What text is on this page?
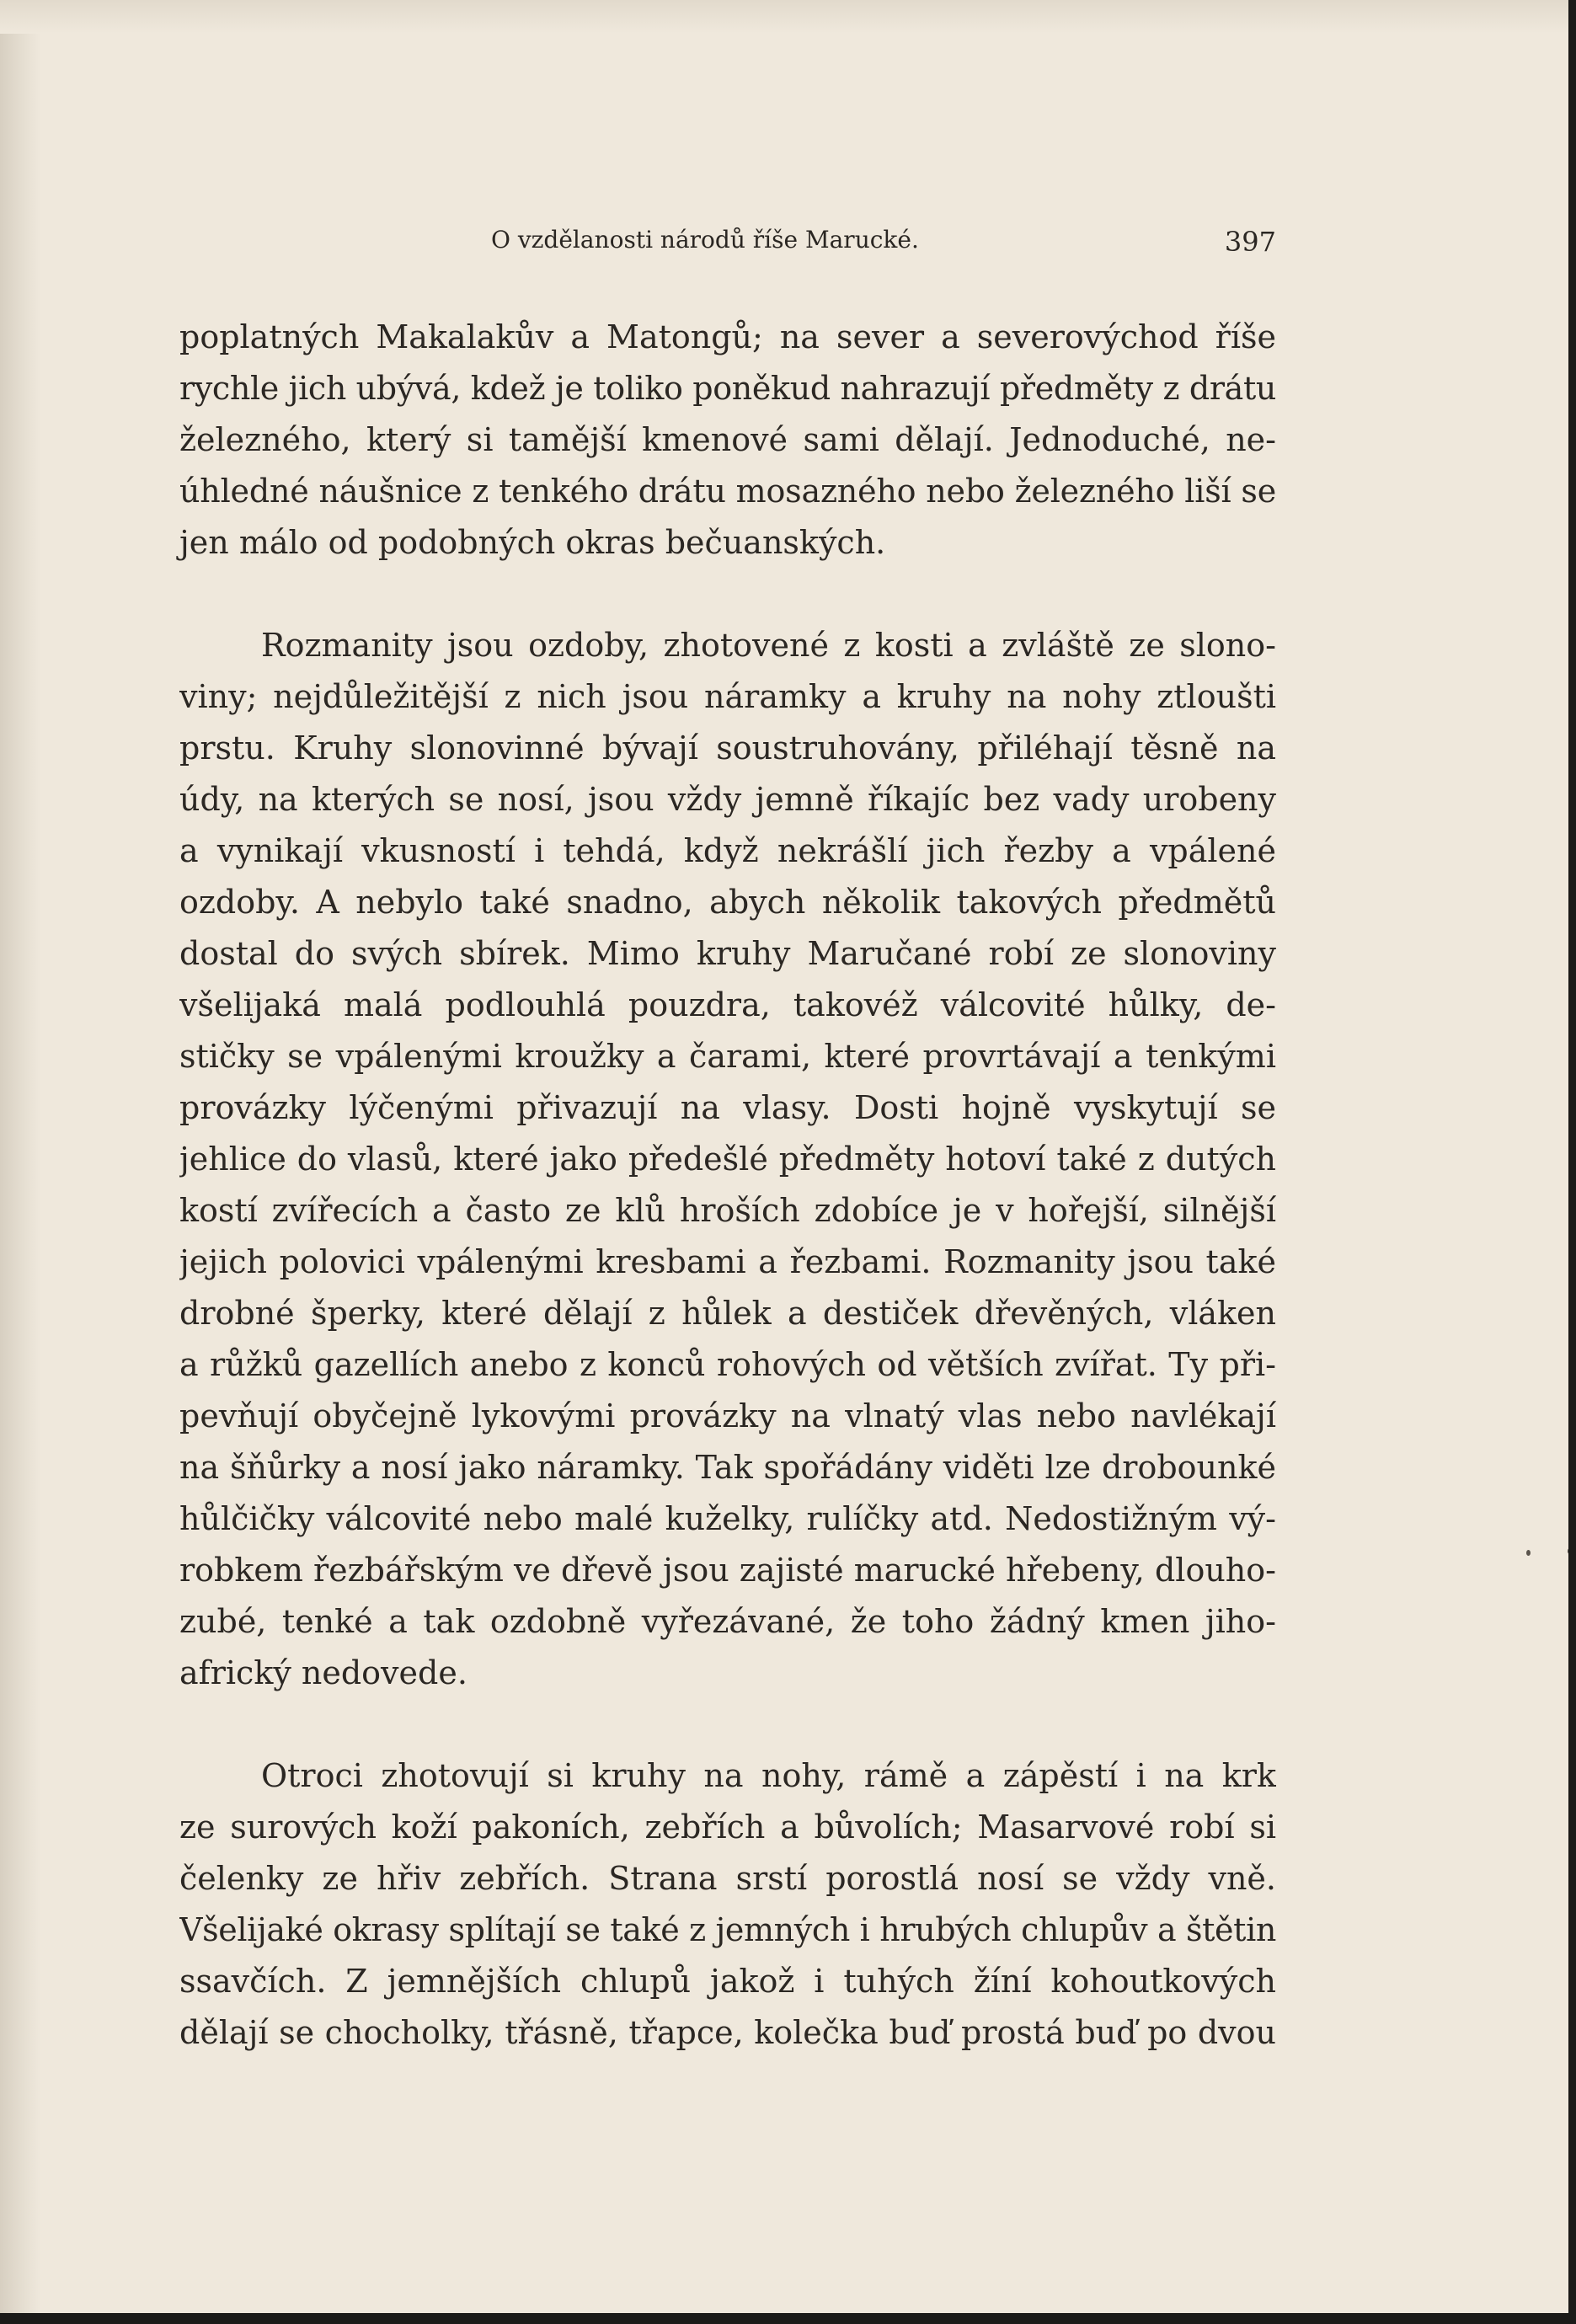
O vzdělanosti národů říše Marucké.	397
poplatných Makalakův a Matongů; na sever a severovýchod říše
rychle jich ubývá, kdež je toliko poněkud nahrazují předměty z drátu
železného, který si tamější kmenové sami dělají. Jednoduché, ne-
úhledné náušnice z tenkého drátu mosazného nebo železného liší se
jen málo od podobných okras bečuanských.
Rozmanity jsou ozdoby, zhotovené z kosti a zvláště ze slono-
viny; nejdůležitější z nich jsou náramky a kruhy na nohy ztloušti
prstu. Kruhy slonovinné bývají soustruhovány, přiléhají těsně na
údy, na kterých se nosí, jsou vždy jemně říkajíc bez vady urobeny
a vynikají vkusností i tehdá, když nekrášlí jich řezby a vpálené
ozdoby. A nebylo také snadno, abych několik takových předmětů
dostal do svých sbírek. Mimo kruhy Maručané robí ze slonoviny
všelijaká malá podlouhlá pouzdra, takovéž válcovité hůlky, de-
stičky se vpálenými kroužky a čarami, které provrtávají a tenkými
provázky lýčenými přivazují na vlasy. Dosti hojně vyskytují se
jehlice do vlasů, které jako předešlé předměty hotoví také z dutých
kostí zvířecích a často ze klů hroších zdobíce je v hořejší, silnější
jejich polovici vpálenými kresbami a řezbami. Rozmanity jsou také
drobné šperky, které dělají z hůlek a destiček dřevěných, vláken
a růžků gazellích anebo z konců rohových od větších zvířat. Ty při-
pevňují obyčejně lykovými provázky na vlnatý vlas nebo navlékají
na šňůrky a nosí jako náramky. Tak spořádány viděti lze drobounké
hůlčičky válcovité nebo malé kuželky, rulíčky atd. Nedostižným vý-
robkem řezbářským ve dřevě jsou zajisté marucké hřebeny, dlouho-
zubé, tenké a tak ozdobně vyřezávané, že toho žádný kmen jiho-
africký nedovede.
Otroci zhotovují si kruhy na nohy, rámě a zápěstí i na krk
ze surových koží pakoních, zebřích a bůvolích; Masarvové robí si
čelenky ze hřiv zebřích. Strana srstí porostlá nosí se vždy vně.
Všelijaké okrasy splítají se také z jemných i hrubých chlupův a štětin
ssavčích. Z jemnějších chlupů jakož i tuhých žíní kohoutkových
dělají se chocholky, třásně, třapce, kolečka buď prostá buď po dvou
